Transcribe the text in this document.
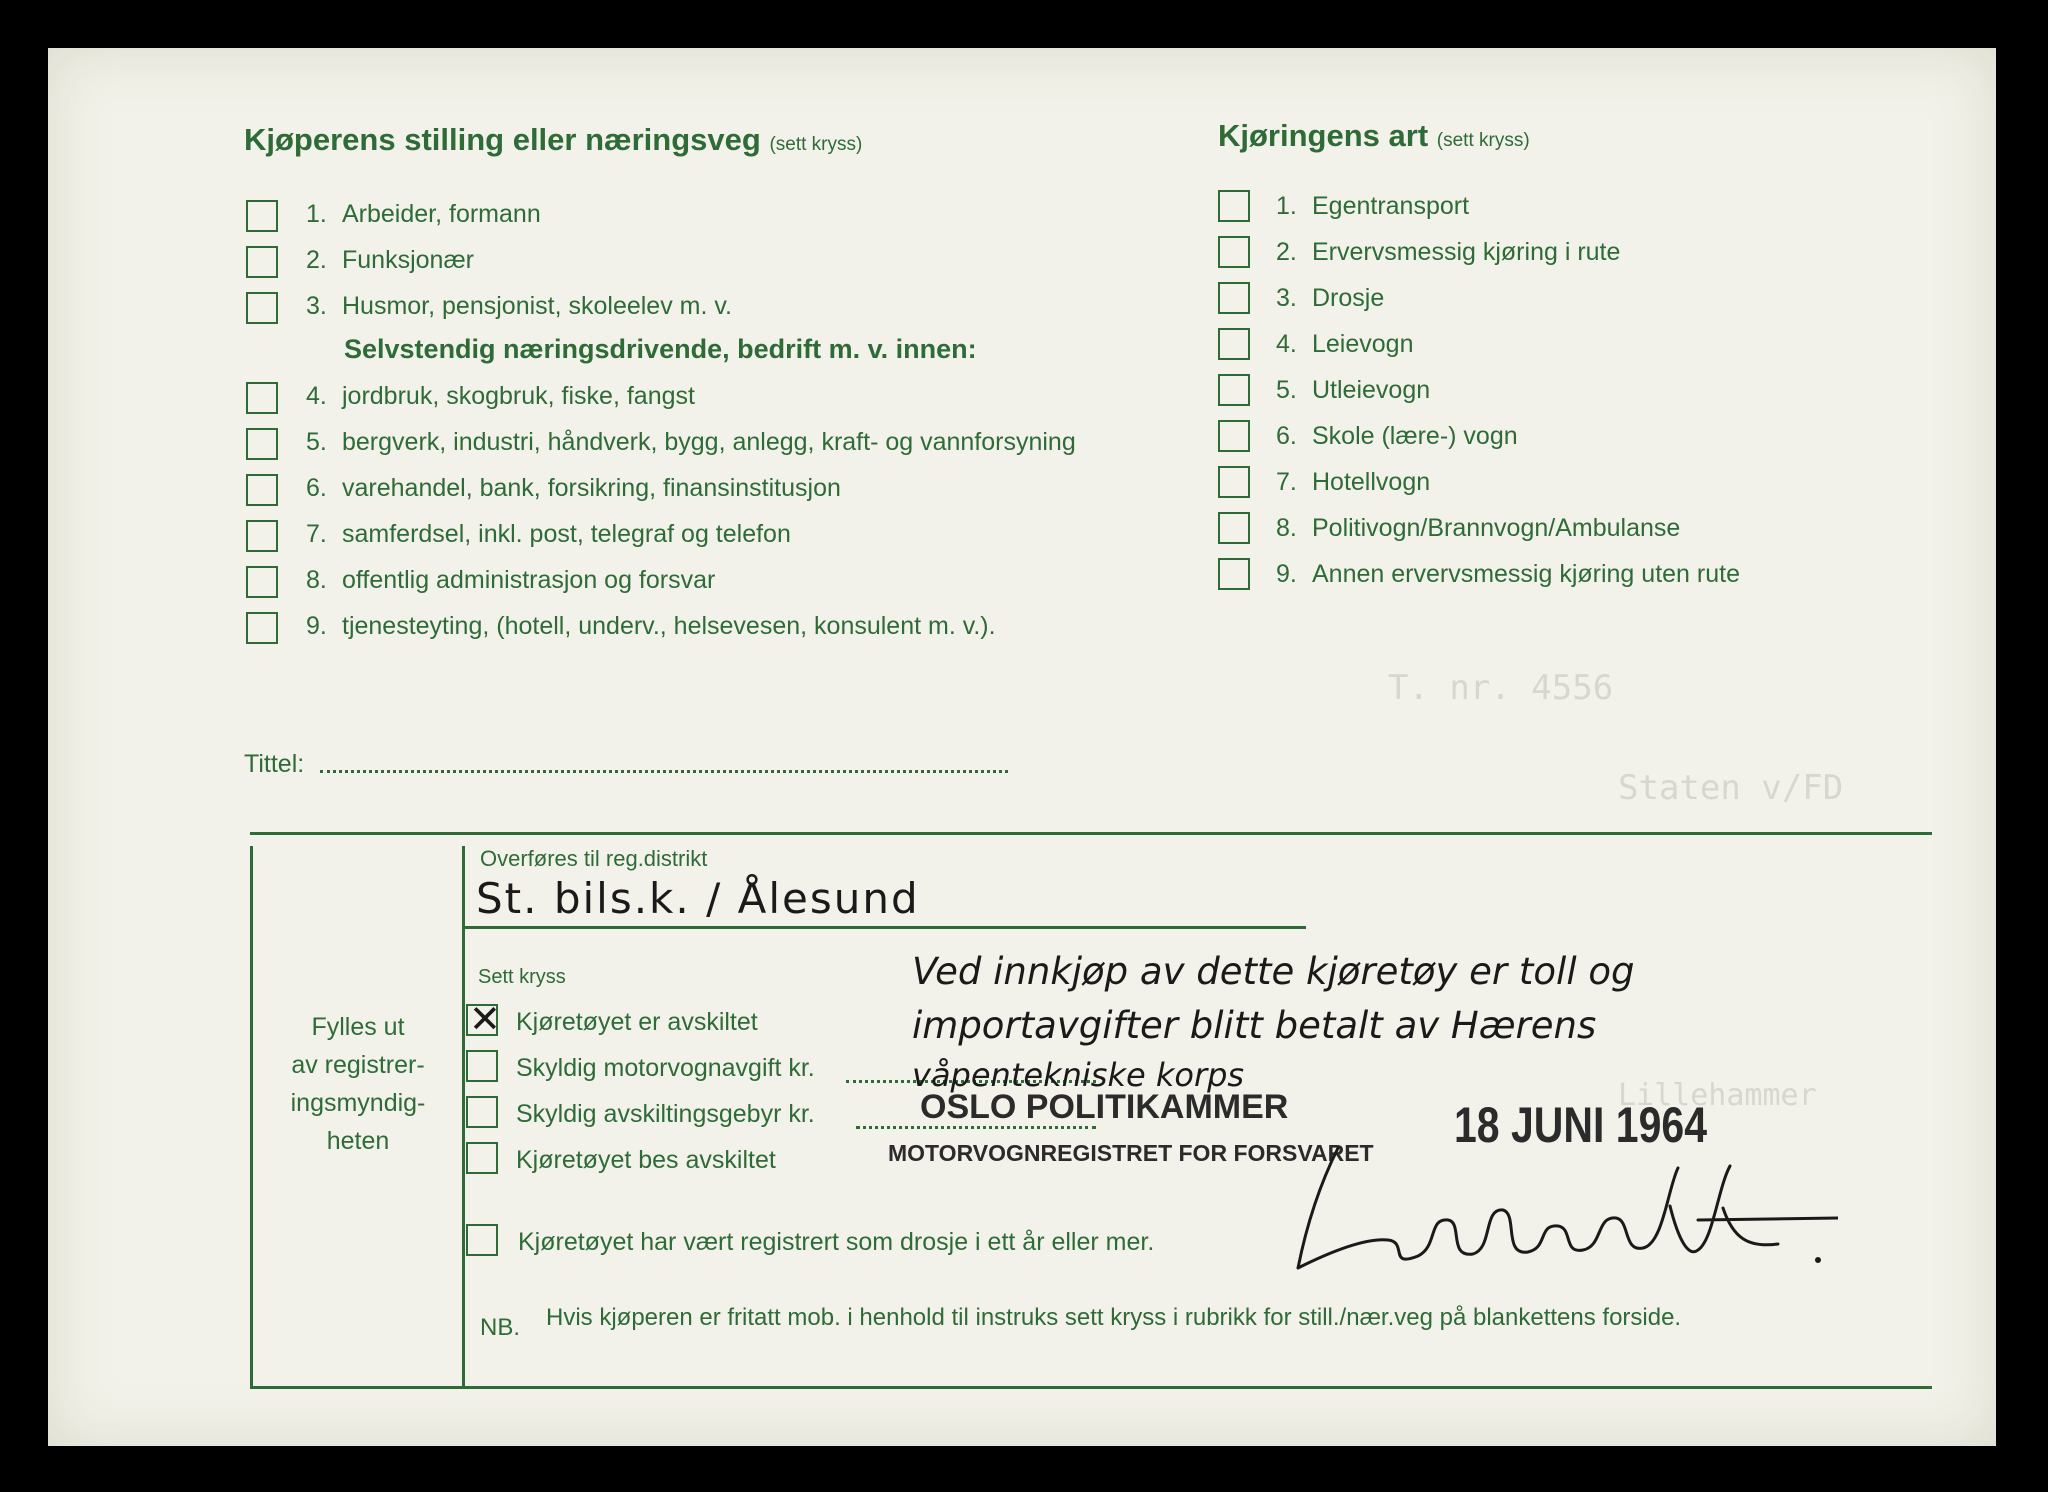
T. nr. 4556
Staten v/FD
Lillehammer
Kjøperens stilling eller næringsveg (sett kryss)
1. Arbeider, formann
2. Funksjonær
3. Husmor, pensjonist, skoleelev m. v.
Selvstendig næringsdrivende, bedrift m. v. innen:
4. jordbruk, skogbruk, fiske, fangst
5. bergverk, industri, håndverk, bygg, anlegg, kraft- og vannforsyning
6. varehandel, bank, forsikring, finansinstitusjon
7. samferdsel, inkl. post, telegraf og telefon
8. offentlig administrasjon og forsvar
9. tjenesteyting, (hotell, underv., helsevesen, konsulent m. v.).
Tittel:
Kjøringens art (sett kryss)
1. Egentransport
2. Ervervsmessig kjøring i rute
3. Drosje
4. Leievogn
5. Utleievogn
6. Skole (lære-) vogn
7. Hotellvogn
8. Politivogn/Brannvogn/Ambulanse
9. Annen ervervsmessig kjøring uten rute
Fylles ut
av registrer-
ingsmyndig-
heten
Overføres til reg.distrikt
St. bils.k. / Ålesund
Sett kryss
✕ Kjøretøyet er avskiltet
Skyldig motorvognavgift kr.
Skyldig avskiltingsgebyr kr.
Kjøretøyet bes avskiltet
Kjøretøyet har vært registrert som drosje i ett år eller mer.
NB. Hvis kjøperen er fritatt mob. i henhold til instruks sett kryss i rubrikk for still./nær.veg på blankettens forside.
Ved innkjøp av dette kjøretøy er toll og
importavgifter blitt betalt av Hærens
våpentekniske korps
OSLO POLITIKAMMER
MOTORVOGNREGISTRET FOR FORSVARET 18 JUNI 1964
